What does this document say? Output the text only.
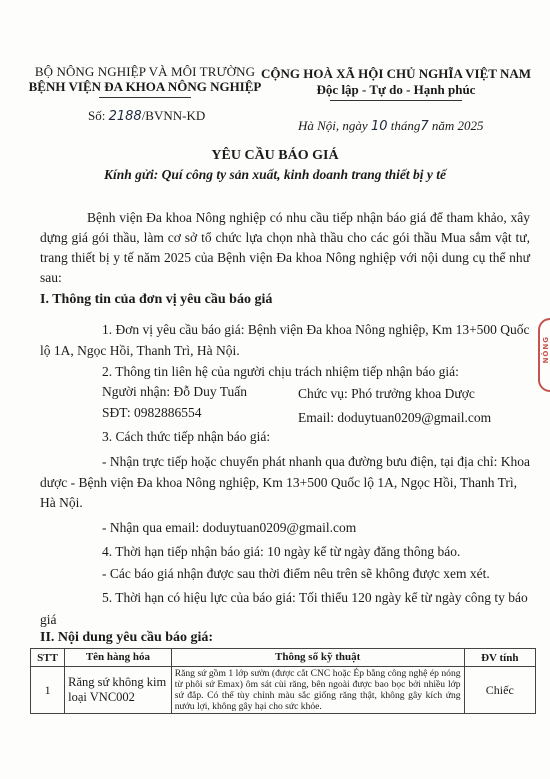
BỘ NÔNG NGHIỆP VÀ MÔI TRƯỜNG
BỆNH VIỆN ĐA KHOA NÔNG NGHIỆP
CỘNG HOÀ XÃ HỘI CHỦ NGHĨA VIỆT NAM
Độc lập - Tự do - Hạnh phúc
Số: 2188/BVNN-KD
Hà Nội, ngày 10 tháng7 năm 2025
YÊU CẦU BÁO GIÁ
Kính gửi: Quí công ty sản xuất, kinh doanh trang thiết bị y tế
Bệnh viện Đa khoa Nông nghiệp có nhu cầu tiếp nhận báo giá để tham khảo, xây dựng giá gói thầu, làm cơ sở tổ chức lựa chọn nhà thầu cho các gói thầu Mua sắm vật tư, trang thiết bị y tế năm 2025 của Bệnh viện Đa khoa Nông nghiệp với nội dung cụ thể như sau:
I. Thông tin của đơn vị yêu cầu báo giá
1. Đơn vị yêu cầu báo giá: Bệnh viện Đa khoa Nông nghiệp, Km 13+500 Quốc lộ 1A, Ngọc Hồi, Thanh Trì, Hà Nội.
2. Thông tin liên hệ của người chịu trách nhiệm tiếp nhận báo giá:
Người nhận: Đỗ Duy Tuấn	Chức vụ: Phó trưởng khoa Dược
SĐT: 0982886554	Email: doduytuan0209@gmail.com
3. Cách thức tiếp nhận báo giá:
- Nhận trực tiếp hoặc chuyển phát nhanh qua đường bưu điện, tại địa chỉ: Khoa dược - Bệnh viện Đa khoa Nông nghiệp, Km 13+500 Quốc lộ 1A, Ngọc Hồi, Thanh Trì, Hà Nội.
- Nhận qua email: doduytuan0209@gmail.com
4. Thời hạn tiếp nhận báo giá: 10 ngày kể từ ngày đăng thông báo.
- Các báo giá nhận được sau thời điểm nêu trên sẽ không được xem xét.
5. Thời hạn có hiệu lực của báo giá: Tối thiểu 120 ngày kể từ ngày công ty báo giá
II. Nội dung yêu cầu báo giá:
STT	Tên hàng hóa	Thông số kỹ thuật	ĐV tính
1	Răng sứ không kim loại VNC002	Răng sứ gồm 1 lớp sườn (được cắt CNC hoặc Ép bằng công nghệ ép nóng từ phôi sứ Emax) ôm sát cùi răng, bên ngoài được bao bọc bởi nhiều lớp sứ đắp. Có thể tùy chỉnh màu sắc giống răng thật, không gây kích ứng nướu lợi, không gây hại cho sức khỏe.	Chiếc
NÔNG
